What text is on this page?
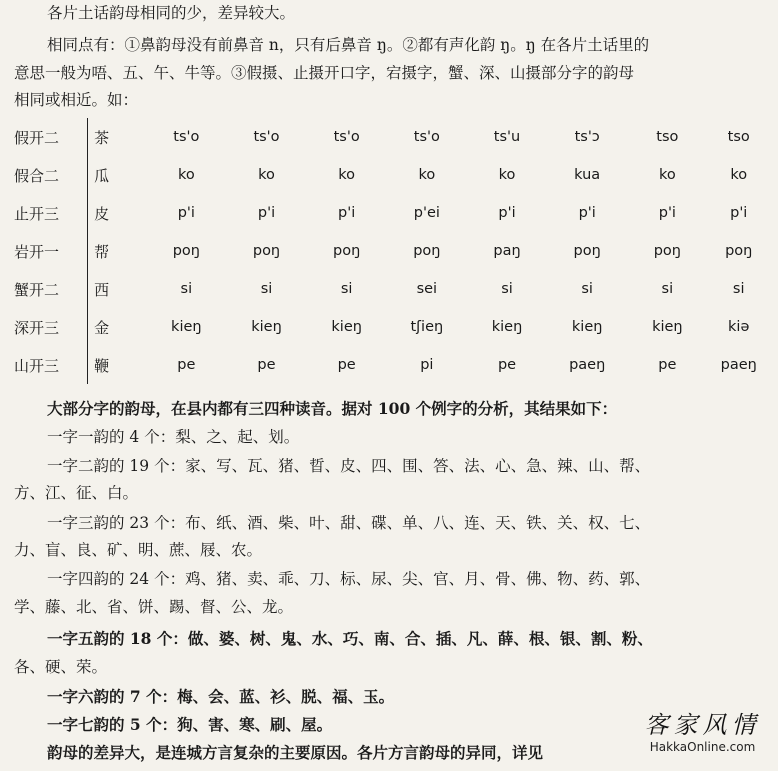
各片土话韵母相同的少，差异较大。
相同点有：①鼻韵母没有前鼻音 n，只有后鼻音 ŋ。②都有声化韵 ŋ。ŋ 在各片土话里的
意思一般为唔、五、午、牛等。③假摄、止摄开口字，宕摄字，蟹、深、山摄部分字的韵母
相同或相近。如：
假开二		茶	ts'o	ts'o	ts'o	ts'o	ts'u	ts'ɔ	tso	tso
假合二		瓜	ko	ko	ko	ko	ko	kua	ko	ko
止开三		皮	p'i	p'i	p'i	p'ei	p'i	p'i	p'i	p'i
岩开一		帮	poŋ	poŋ	poŋ	poŋ	paŋ	poŋ	poŋ	poŋ
蟹开二		西	si	si	si	sei	si	si	si	si
深开三		金	kieŋ	kieŋ	kieŋ	tʃieŋ	kieŋ	kieŋ	kieŋ	kiə
山开三		鞭	pe	pe	pe	pi	pe	paeŋ	pe	paeŋ
大部分字的韵母，在县内都有三四种读音。据对 100 个例字的分析，其结果如下：
一字一韵的 4 个：梨、之、起、划。
一字二韵的 19 个：家、写、瓦、猪、晢、皮、四、围、答、法、心、急、辣、山、帮、
方、江、征、白。
一字三韵的 23 个：布、纸、酒、柴、叶、甜、碟、单、八、连、天、铁、关、权、七、
力、盲、良、矿、明、蔗、屐、农。
一字四韵的 24 个：鸡、猪、卖、乖、刀、标、尿、尖、官、月、骨、佛、物、药、郭、
学、藤、北、省、饼、踢、督、公、龙。
一字五韵的 18 个：做、婆、树、鬼、水、巧、南、合、插、凡、薛、根、银、割、粉、
各、硬、荣。
一字六韵的 7 个：梅、会、蓝、衫、脱、福、玉。
一字七韵的 5 个：狗、害、寒、刷、屋。
韵母的差异大，是连城方言复杂的主要原因。各片方言韵母的异同，详见
客家风情
HakkaOnline.com
